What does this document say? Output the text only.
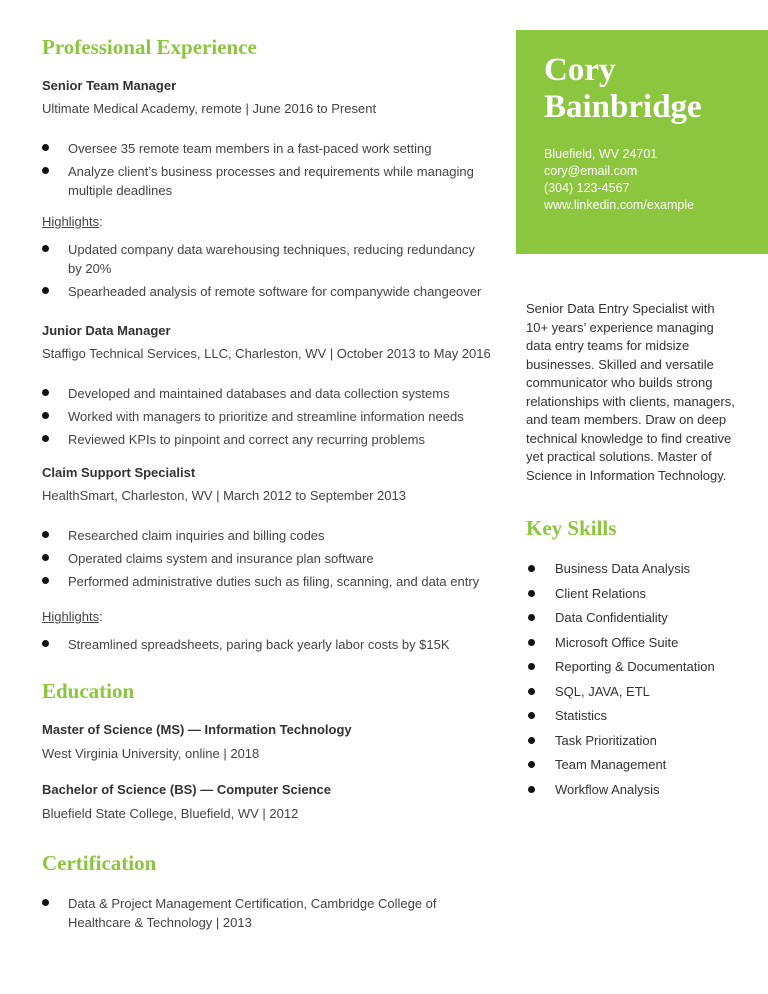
Professional Experience
Senior Team Manager
Ultimate Medical Academy, remote | June 2016 to Present
Oversee 35 remote team members in a fast-paced work setting
Analyze client’s business processes and requirements while managing multiple deadlines
Highlights:
Updated company data warehousing techniques, reducing redundancy by 20%
Spearheaded analysis of remote software for companywide changeover
Junior Data Manager
Staffigo Technical Services, LLC, Charleston, WV | October 2013 to May 2016
Developed and maintained databases and data collection systems
Worked with managers to prioritize and streamline information needs
Reviewed KPIs to pinpoint and correct any recurring problems
Claim Support Specialist
HealthSmart, Charleston, WV | March 2012 to September 2013
Researched claim inquiries and billing codes
Operated claims system and insurance plan software
Performed administrative duties such as filing, scanning, and data entry
Highlights:
Streamlined spreadsheets, paring back yearly labor costs by $15K
Education
Master of Science (MS) — Information Technology
West Virginia University, online | 2018
Bachelor of Science (BS) — Computer Science
Bluefield State College, Bluefield, WV | 2012
Certification
Data & Project Management Certification, Cambridge College of Healthcare & Technology | 2013
Cory
Bainbridge
Bluefield, WV 24701
cory@email.com
(304) 123-4567
www.linkedin.com/example
Senior Data Entry Specialist with 10+ years’ experience managing data entry teams for midsize businesses. Skilled and versatile communicator who builds strong relationships with clients, managers, and team members. Draw on deep technical knowledge to find creative yet practical solutions. Master of Science in Information Technology.
Key Skills
Business Data Analysis
Client Relations
Data Confidentiality
Microsoft Office Suite
Reporting & Documentation
SQL, JAVA, ETL
Statistics
Task Prioritization
Team Management
Workflow Analysis
